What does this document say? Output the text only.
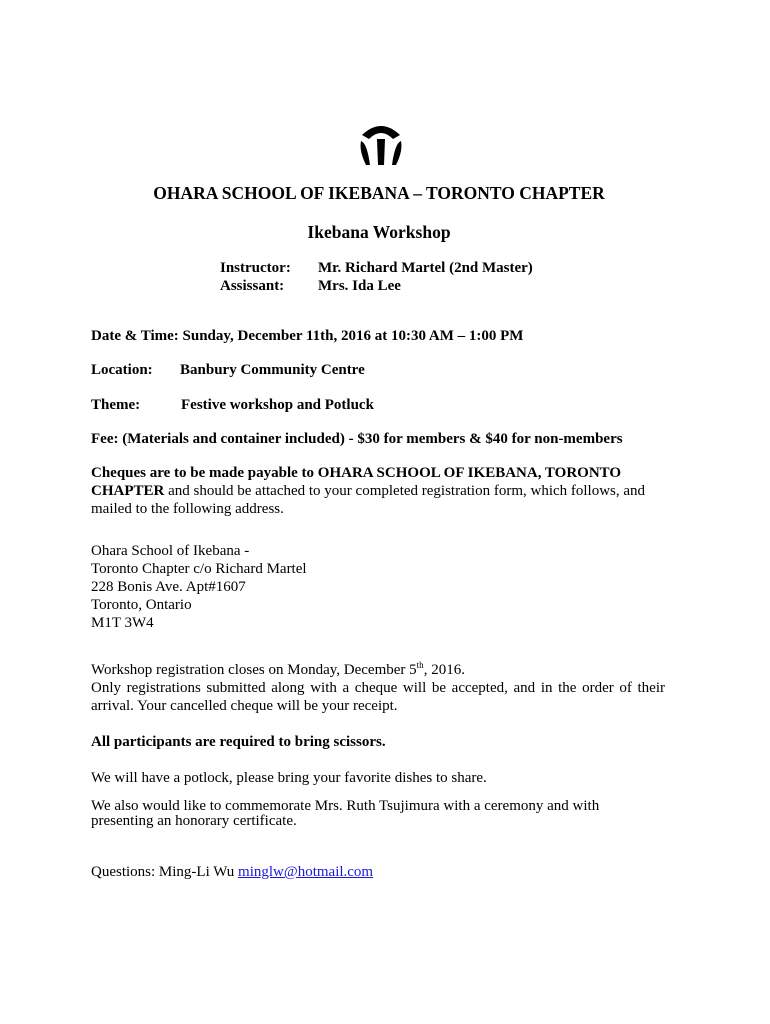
OHARA SCHOOL OF IKEBANA – TORONTO CHAPTER
Ikebana Workshop
Instructor: Mr. Richard Martel (2nd Master)
Assissant: Mrs. Ida Lee
Date & Time: Sunday, December 11th, 2016 at 10:30 AM – 1:00 PM
Location: Banbury Community Centre
Theme:	Festive workshop and Potluck
Fee: (Materials and container included) - $30 for members & $40 for non-members
Cheques are to be made payable to OHARA SCHOOL OF IKEBANA, TORONTO
CHAPTER and should be attached to your completed registration form, which follows, and
mailed to the following address.
Ohara School of Ikebana -
Toronto Chapter c/o Richard Martel
228 Bonis Ave. Apt#1607
Toronto, Ontario
M1T 3W4
Workshop registration closes on Monday, December 5th, 2016.
Only registrations submitted along with a cheque will be accepted, and in the order of their
arrival. Your cancelled cheque will be your receipt.
All participants are required to bring scissors.
We will have a potlock, please bring your favorite dishes to share.
We also would like to commemorate Mrs. Ruth Tsujimura with a ceremony and with
presenting an honorary certificate.
Questions: Ming-Li Wu minglw@hotmail.com
